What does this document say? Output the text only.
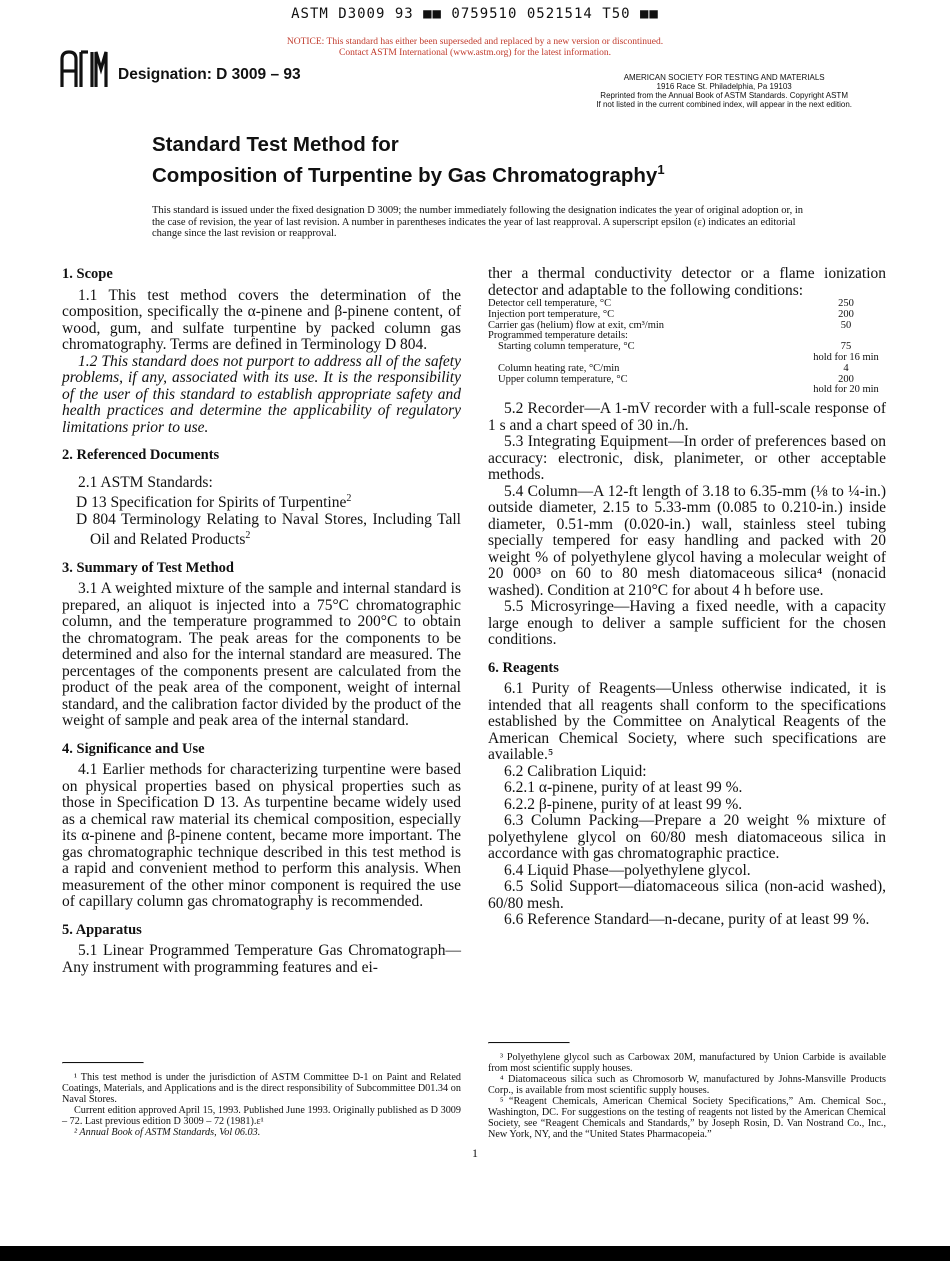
ASTM D3009 93 ■■ 0759510 0521514 T50 ■■
NOTICE: This standard has either been superseded and replaced by a new version or discontinued.
Contact ASTM International (www.astm.org) for the latest information.
Designation: D 3009 – 93	AMERICAN SOCIETY FOR TESTING AND MATERIALS
1916 Race St. Philadelphia, Pa 19103
Reprinted from the Annual Book of ASTM Standards. Copyright ASTM
If not listed in the current combined index, will appear in the next edition.
Standard Test Method for
Composition of Turpentine by Gas Chromatography$^1$
This standard is issued under the fixed designation D 3009; the number immediately following the designation indicates the year of original adoption or, in the case of revision, the year of last revision. A number in parentheses indicates the year of last reapproval. A superscript epsilon (ε) indicates an editorial change since the last revision or reapproval.
1. Scope

1.1 This test method covers the determination of the composition, specifically the α-pinene and β-pinene content, of wood, gum, and sulfate turpentine by packed column gas chromatography. Terms are defined in Terminology D 804.

1.2 This standard does not purport to address all of the safety problems, if any, associated with its use. It is the responsibility of the user of this standard to establish appropriate safety and health practices and determine the applicability of regulatory limitations prior to use.

2. Referenced Documents

2.1 ASTM Standards:

D 13 Specification for Spirits of Turpentine$^2$

D 804 Terminology Relating to Naval Stores, Including Tall Oil and Related Products$^2$

3. Summary of Test Method

3.1 A weighted mixture of the sample and internal standard is prepared, an aliquot is injected into a 75°C chromatographic column, and the temperature programmed to 200°C to obtain the chromatogram. The peak areas for the components to be determined and also for the internal standard are measured. The percentages of the components present are calculated from the product of the peak area of the component, weight of internal standard, and the calibration factor divided by the product of the weight of sample and peak area of the internal standard.

4. Significance and Use

4.1 Earlier methods for characterizing turpentine were based on physical properties based on physical properties such as those in Specification D 13. As turpentine became widely used as a chemical raw material its chemical composition, especially its α-pinene and β-pinene content, became more important. The gas chromatographic technique described in this test method is a rapid and convenient method to perform this analysis. When measurement of the other minor component is required the use of capillary column gas chromatography is recommended.

5. Apparatus

5.1 Linear Programmed Temperature Gas Chromatograph—Any instrument with programming features and ei-

¹ This test method is under the jurisdiction of ASTM Committee D-1 on Paint and Related Coatings, Materials, and Applications and is the direct responsibility of Subcommittee D01.34 on Naval Stores.

Current edition approved April 15, 1993. Published June 1993. Originally published as D 3009 – 72. Last previous edition D 3009 – 72 (1981).ε¹

² Annual Book of ASTM Standards, Vol 06.03.

ther a thermal conductivity detector or a flame ionization detector and adaptable to the following conditions:

Detector cell temperature, °C	250
Injection port temperature, °C	200
Carrier gas (helium) flow at exit, cm³/min	50
Programmed temperature details:
Starting column temperature, °C	75
hold for 16 min
Column heating rate, °C/min	4
Upper column temperature, °C	200
hold for 20 min

5.2 Recorder—A 1-mV recorder with a full-scale response of 1 s and a chart speed of 30 in./h.

5.3 Integrating Equipment—In order of preferences based on accuracy: electronic, disk, planimeter, or other acceptable methods.

5.4 Column—A 12-ft length of 3.18 to 6.35-mm (⅛ to ¼-in.) outside diameter, 2.15 to 5.33-mm (0.085 to 0.210-in.) inside diameter, 0.51-mm (0.020-in.) wall, stainless steel tubing specially tempered for easy handling and packed with 20 weight % of polyethylene glycol having a molecular weight of 20 000³ on 60 to 80 mesh diatomaceous silica⁴ (nonacid washed). Condition at 210°C for about 4 h before use.

5.5 Microsyringe—Having a fixed needle, with a capacity large enough to deliver a sample sufficient for the chosen conditions.

6. Reagents

6.1 Purity of Reagents—Unless otherwise indicated, it is intended that all reagents shall conform to the specifications established by the Committee on Analytical Reagents of the American Chemical Society, where such specifications are available.⁵

6.2 Calibration Liquid:

6.2.1 α-pinene, purity of at least 99 %.

6.2.2 β-pinene, purity of at least 99 %.

6.3 Column Packing—Prepare a 20 weight % mixture of polyethylene glycol on 60/80 mesh diatomaceous silica in accordance with gas chromatographic practice.

6.4 Liquid Phase—polyethylene glycol.

6.5 Solid Support—diatomaceous silica (non-acid washed), 60/80 mesh.

6.6 Reference Standard—n-decane, purity of at least 99 %.

³ Polyethylene glycol such as Carbowax 20M, manufactured by Union Carbide is available from most scientific supply houses.

⁴ Diatomaceous silica such as Chromosorb W, manufactured by Johns-Mansville Products Corp., is available from most scientific supply houses.

⁵ “Reagent Chemicals, American Chemical Society Specifications,” Am. Chemical Soc., Washington, DC. For suggestions on the testing of reagents not listed by the American Chemical Society, see “Reagent Chemicals and Standards,” by Joseph Rosin, D. Van Nostrand Co., Inc., New York, NY, and the “United States Pharmacopeia.”

1
